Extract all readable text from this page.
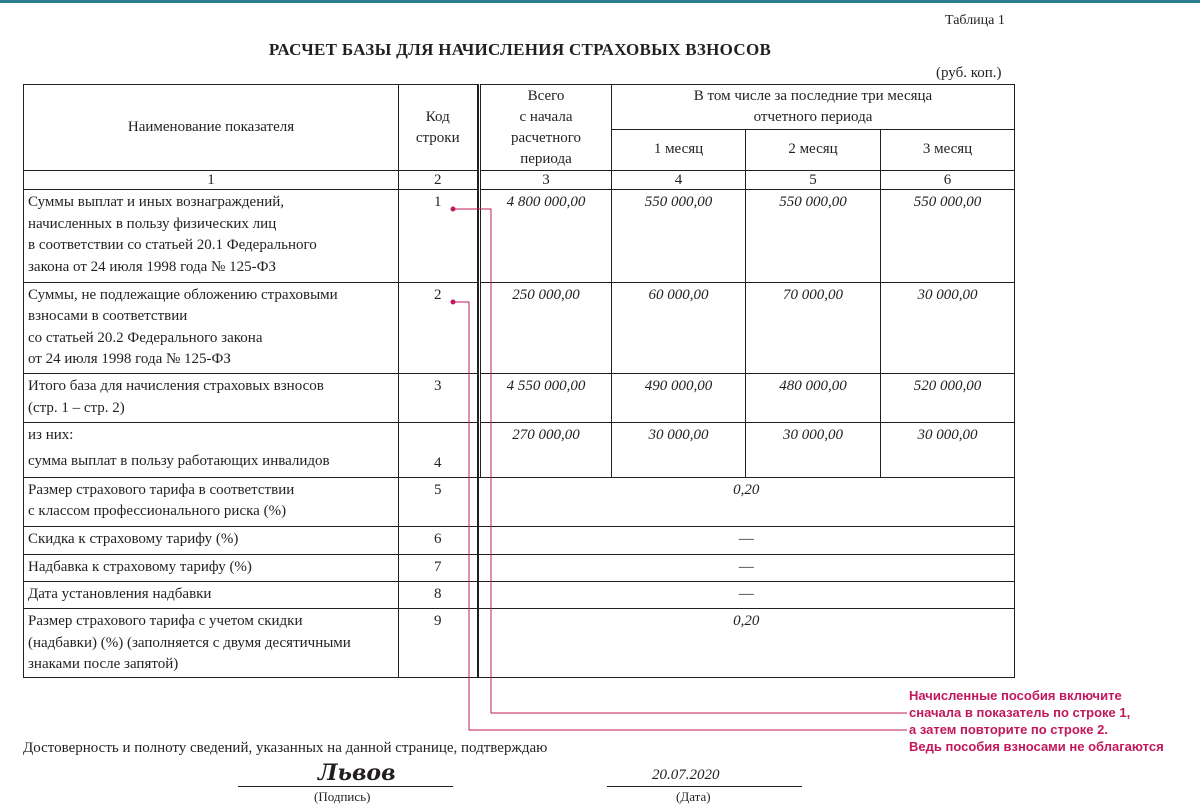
Таблица 1
РАСЧЕТ БАЗЫ ДЛЯ НАЧИСЛЕНИЯ СТРАХОВЫХ ВЗНОСОВ
(руб. коп.)
Наименование показателя	Код
строки		Всего
с начала
расчетного
периода	В том числе за последние три месяца
отчетного периода		
				1 месяц	2 месяц	3 месяц
1	2		3	4	5	6
Суммы выплат и иных вознаграждений,
начисленных в пользу физических лиц
в соответствии со статьей 20.1 Федерального
закона от 24 июля 1998 года № 125-ФЗ	1		4 800 000,00	550 000,00	550 000,00	550 000,00
Суммы, не подлежащие обложению страховыми
взносами в соответствии
со статьей 20.2 Федерального закона
от 24 июля 1998 года № 125-ФЗ	2		250 000,00	60 000,00	70 000,00	30 000,00
Итого база для начисления страховых взносов
(стр. 1 – стр. 2)	3		4 550 000,00	490 000,00	480 000,00	520 000,00
из них:
сумма выплат в пользу работающих инвалидов	4		270 000,00	30 000,00	30 000,00	30 000,00
Размер страхового тарифа в соответствии
с классом профессионального риска (%)	5	0,20				
Скидка к страховому тарифу (%)	6	—				
Надбавка к страховому тарифу (%)	7	—				
Дата установления надбавки	8	—				
Размер страхового тарифа с учетом скидки
(надбавки) (%) (заполняется с двумя десятичными
знаками после запятой)	9	0,20				
Начисленные пособия включите
сначала в показатель по строке 1,
а затем повторите по строке 2.
Ведь пособия взносами не облагаются
Достоверность и полноту сведений, указанных на данной странице, подтверждаю
Львов	20.07.2020
(Подпись)	(Дата)
